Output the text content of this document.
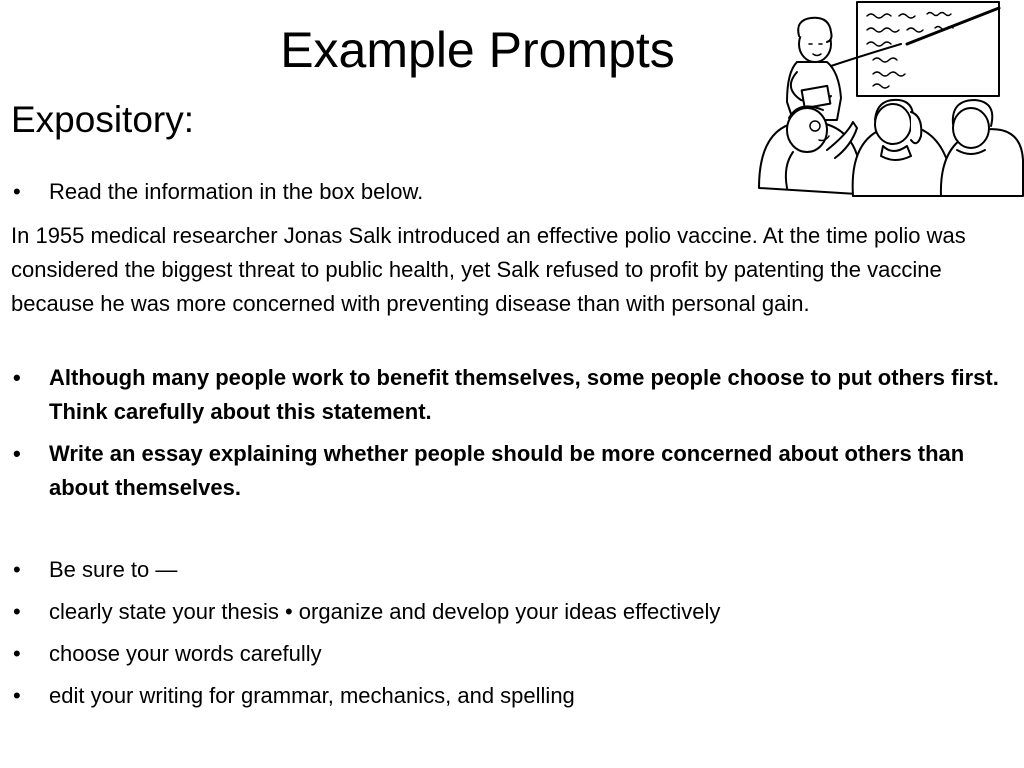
Example Prompts
Expository:
• Read the information in the box below.

In 1955 medical researcher Jonas Salk introduced an effective polio vaccine. At the time polio was considered the biggest threat to public health, yet Salk refused to profit by patenting the vaccine because he was more concerned with preventing disease than with personal gain.

• Although many people work to benefit themselves, some people choose to put others first. Think carefully about this statement.
• Write an essay explaining whether people should be more concerned about others than about themselves.
• Be sure to —
• clearly state your thesis • organize and develop your ideas effectively
• choose your words carefully
• edit your writing for grammar, mechanics, and spelling
